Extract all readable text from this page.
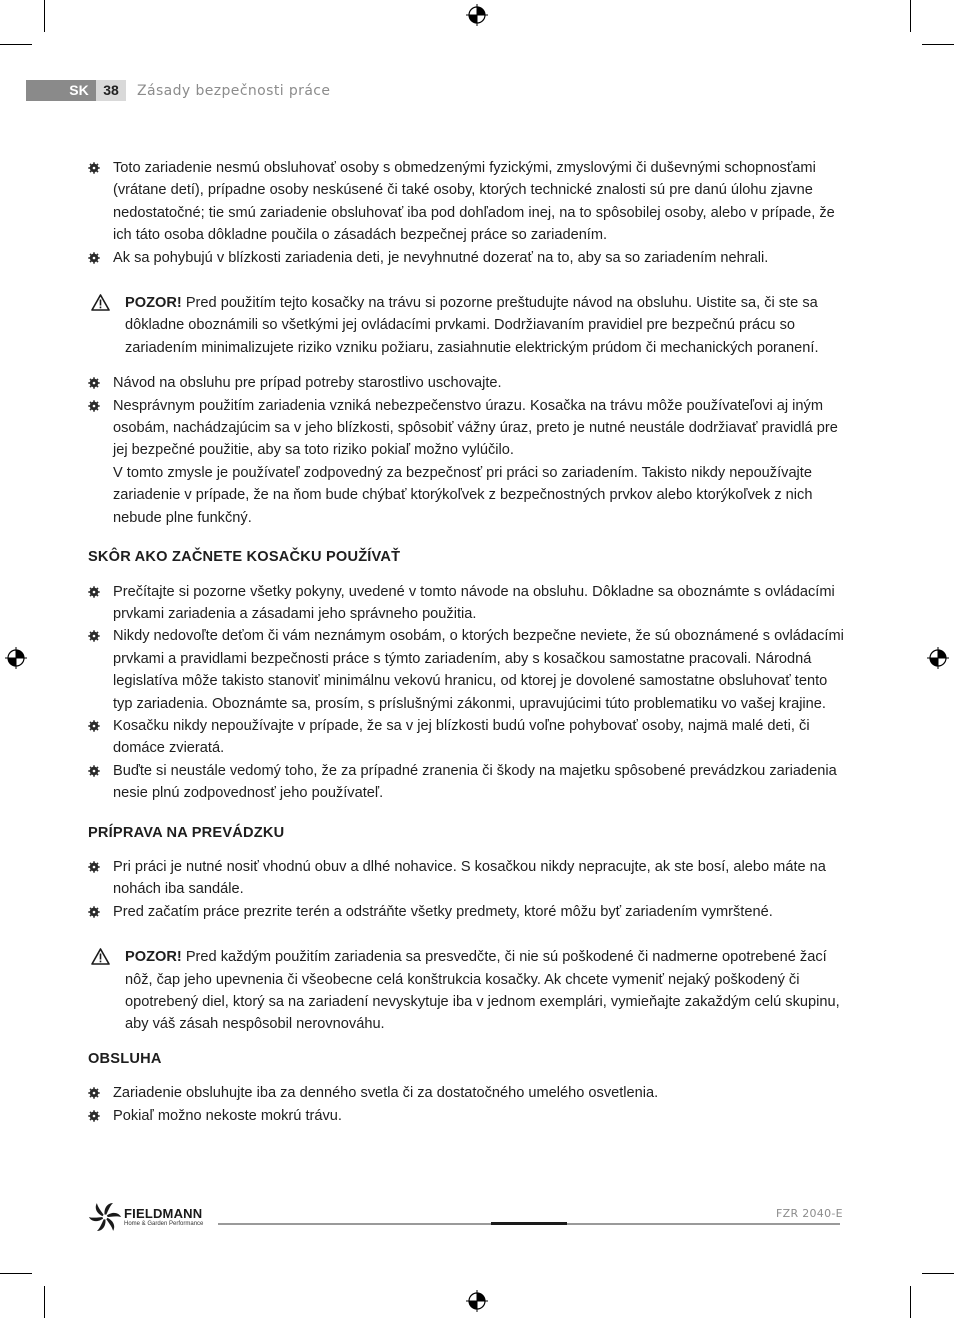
SK	38	Zásady bezpečnosti práce
Toto zariadenie nesmú obsluhovať osoby s obmedzenými fyzickými, zmyslovými či duševnými schopnosťami (vrátane detí), prípadne osoby neskúsené či také osoby, ktorých technické znalosti sú pre danú úlohu zjavne nedostatočné; tie smú zariadenie obsluhovať iba pod dohľadom inej, na to spôsobilej osoby, alebo v prípade, že ich táto osoba dôkladne poučila o zásadách bezpečnej práce so zariadením.
Ak sa pohybujú v blízkosti zariadenia deti, je nevyhnutné dozerať na to, aby sa so zariadením nehrali.
POZOR! Pred použitím tejto kosačky na trávu si pozorne preštudujte návod na obsluhu. Uistite sa, či ste sa dôkladne oboznámili so všetkými jej ovládacími prvkami. Dodržiavaním pravidiel pre bezpečnú prácu so zariadením minimalizujete riziko vzniku požiaru, zasiahnutie elektrickým prúdom či mechanických poranení.
Návod na obsluhu pre prípad potreby starostlivo uschovajte.
Nesprávnym použitím zariadenia vzniká nebezpečenstvo úrazu. Kosačka na trávu môže používateľovi aj iným osobám, nachádzajúcim sa v jeho blízkosti, spôsobiť vážny úraz, preto je nutné neustále dodržiavať pravidlá pre jej bezpečné použitie, aby sa toto riziko pokiaľ možno vylúčilo.
V tomto zmysle je používateľ zodpovedný za bezpečnosť pri práci so zariadením. Takisto nikdy nepoužívajte zariadenie v prípade, že na ňom bude chýbať ktorýkoľvek z bezpečnostných prvkov alebo ktorýkoľvek z nich nebude plne funkčný.
SKÔR AKO ZAČNETE KOSAČKU POUŽÍVAŤ
Prečítajte si pozorne všetky pokyny, uvedené v tomto návode na obsluhu. Dôkladne sa oboznámte s ovládacími prvkami zariadenia a zásadami jeho správneho použitia.
Nikdy nedovoľte deťom či vám neznámym osobám, o ktorých bezpečne neviete, že sú oboznámené s ovládacími prvkami a pravidlami bezpečnosti práce s týmto zariadením, aby s kosačkou samostatne pracovali. Národná legislatíva môže takisto stanoviť minimálnu vekovú hranicu, od ktorej je dovolené samostatne obsluhovať tento typ zariadenia. Oboznámte sa, prosím, s príslušnými zákonmi, upravujúcimi túto problematiku vo vašej krajine.
Kosačku nikdy nepoužívajte v prípade, že sa v jej blízkosti budú voľne pohybovať osoby, najmä malé deti, či domáce zvieratá.
Buďte si neustále vedomý toho, že za prípadné zranenia či škody na majetku spôsobené prevádzkou zariadenia nesie plnú zodpovednosť jeho používateľ.
PRÍPRAVA NA PREVÁDZKU
Pri práci je nutné nosiť vhodnú obuv a dlhé nohavice. S kosačkou nikdy nepracujte, ak ste bosí, alebo máte na nohách iba sandále.
Pred začatím práce prezrite terén a odstráňte všetky predmety, ktoré môžu byť zariadením vymrštené.
POZOR! Pred každým použitím zariadenia sa presvedčte, či nie sú poškodené či nadmerne opotrebené žací nôž, čap jeho upevnenia či všeobecne celá konštrukcia kosačky. Ak chcete vymeniť nejaký poškodený či opotrebený diel, ktorý sa na zariadení nevyskytuje iba v jednom exemplári, vymieňajte zakaždým celú skupinu, aby váš zásah nespôsobil nerovnováhu.
OBSLUHA
Zariadenie obsluhujte iba za denného svetla či za dostatočného umelého osvetlenia.
Pokiaľ možno nekoste mokrú trávu.
FIELDMANN
Home & Garden Performance
FZR 2040-E
